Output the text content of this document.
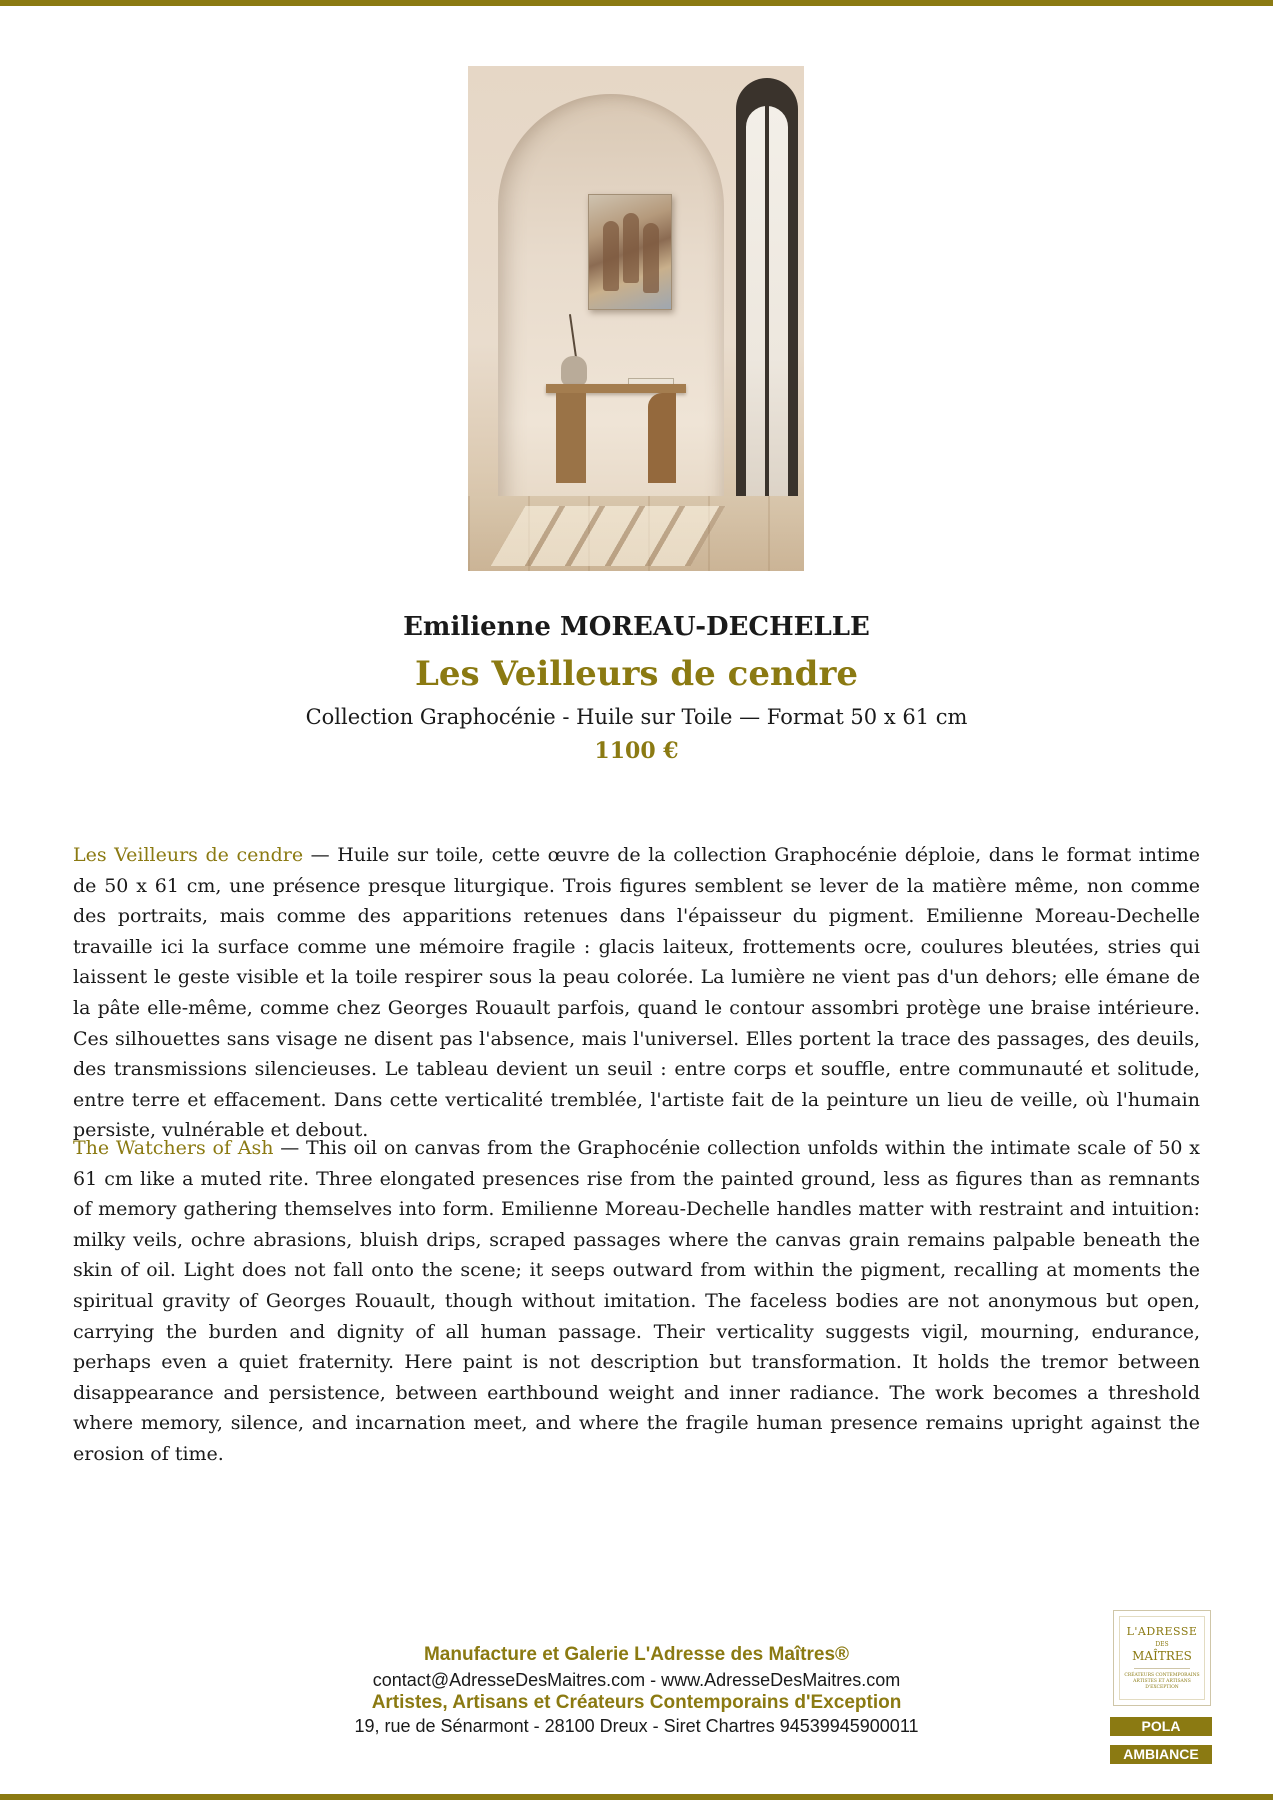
Emilienne MOREAU-DECHELLE
Les Veilleurs de cendre
Collection Graphocénie - Huile sur Toile — Format 50 x 61 cm
1100 €
Les Veilleurs de cendre — Huile sur toile, cette œuvre de la collection Graphocénie déploie, dans le format intime de 50 x 61 cm, une présence presque liturgique. Trois figures semblent se lever de la matière même, non comme des portraits, mais comme des apparitions retenues dans l'épaisseur du pigment. Emilienne Moreau-Dechelle travaille ici la surface comme une mémoire fragile : glacis laiteux, frottements ocre, coulures bleutées, stries qui laissent le geste visible et la toile respirer sous la peau colorée. La lumière ne vient pas d'un dehors; elle émane de la pâte elle-même, comme chez Georges Rouault parfois, quand le contour assombri protège une braise intérieure. Ces silhouettes sans visage ne disent pas l'absence, mais l'universel. Elles portent la trace des passages, des deuils, des transmissions silencieuses. Le tableau devient un seuil : entre corps et souffle, entre communauté et solitude, entre terre et effacement. Dans cette verticalité tremblée, l'artiste fait de la peinture un lieu de veille, où l'humain persiste, vulnérable et debout.
The Watchers of Ash — This oil on canvas from the Graphocénie collection unfolds within the intimate scale of 50 x 61 cm like a muted rite. Three elongated presences rise from the painted ground, less as figures than as remnants of memory gathering themselves into form. Emilienne Moreau-Dechelle handles matter with restraint and intuition: milky veils, ochre abrasions, bluish drips, scraped passages where the canvas grain remains palpable beneath the skin of oil. Light does not fall onto the scene; it seeps outward from within the pigment, recalling at moments the spiritual gravity of Georges Rouault, though without imitation. The faceless bodies are not anonymous but open, carrying the burden and dignity of all human passage. Their verticality suggests vigil, mourning, endurance, perhaps even a quiet fraternity. Here paint is not description but transformation. It holds the tremor between disappearance and persistence, between earthbound weight and inner radiance. The work becomes a threshold where memory, silence, and incarnation meet, and where the fragile human presence remains upright against the erosion of time.
Manufacture et Galerie L'Adresse des Maîtres®
contact@AdresseDesMaitres.com - www.AdresseDesMaitres.com
Artistes, Artisans et Créateurs Contemporains d'Exception
19, rue de Sénarmont - 28100 Dreux - Siret Chartres 94539945900011
L'ADRESSE
DES
MAÎTRES
CRÉATEURS CONTEMPORAINS ARTISTES ET ARTISANS D'EXCEPTION
POLA
AMBIANCE
